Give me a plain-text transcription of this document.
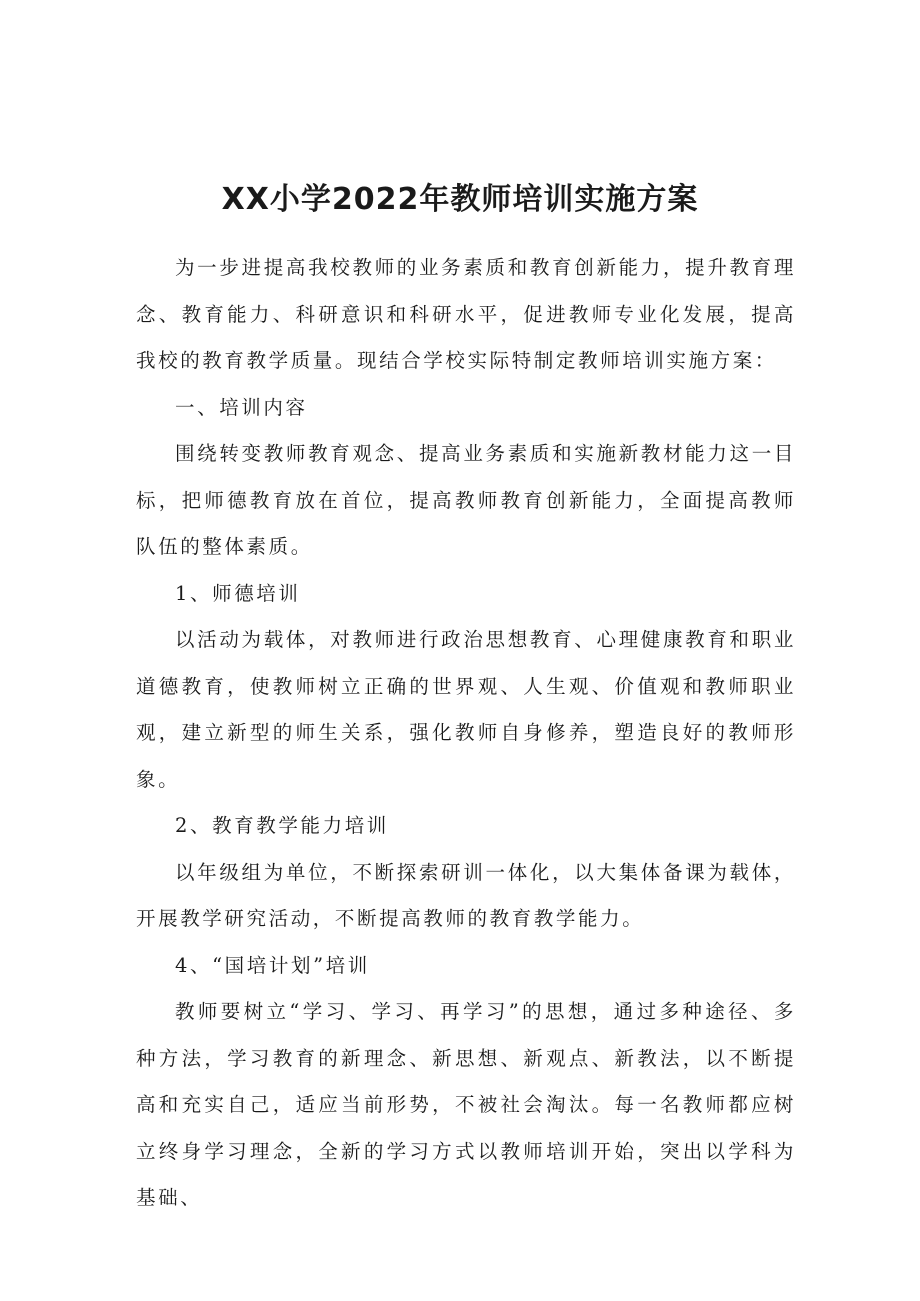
XX小学2022年教师培训实施方案

为一步进提高我校教师的业务素质和教育创新能力，提升教育理念、教育能力、科研意识和科研水平，促进教师专业化发展，提高我校的教育教学质量。现结合学校实际特制定教师培训实施方案：

一、培训内容

围绕转变教师教育观念、提高业务素质和实施新教材能力这一目标，把师德教育放在首位，提高教师教育创新能力，全面提高教师队伍的整体素质。

1、师德培训

以活动为载体，对教师进行政治思想教育、心理健康教育和职业道德教育，使教师树立正确的世界观、人生观、价值观和教师职业观，建立新型的师生关系，强化教师自身修养，塑造良好的教师形象。

2、教育教学能力培训

以年级组为单位，不断探索研训一体化，以大集体备课为载体，开展教学研究活动，不断提高教师的教育教学能力。

4、“国培计划”培训

教师要树立“学习、学习、再学习”的思想，通过多种途径、多种方法，学习教育的新理念、新思想、新观点、新教法，以不断提高和充实自己，适应当前形势，不被社会淘汰。每一名教师都应树立终身学习理念，全新的学习方式以教师培训开始，突出以学科为基础、
